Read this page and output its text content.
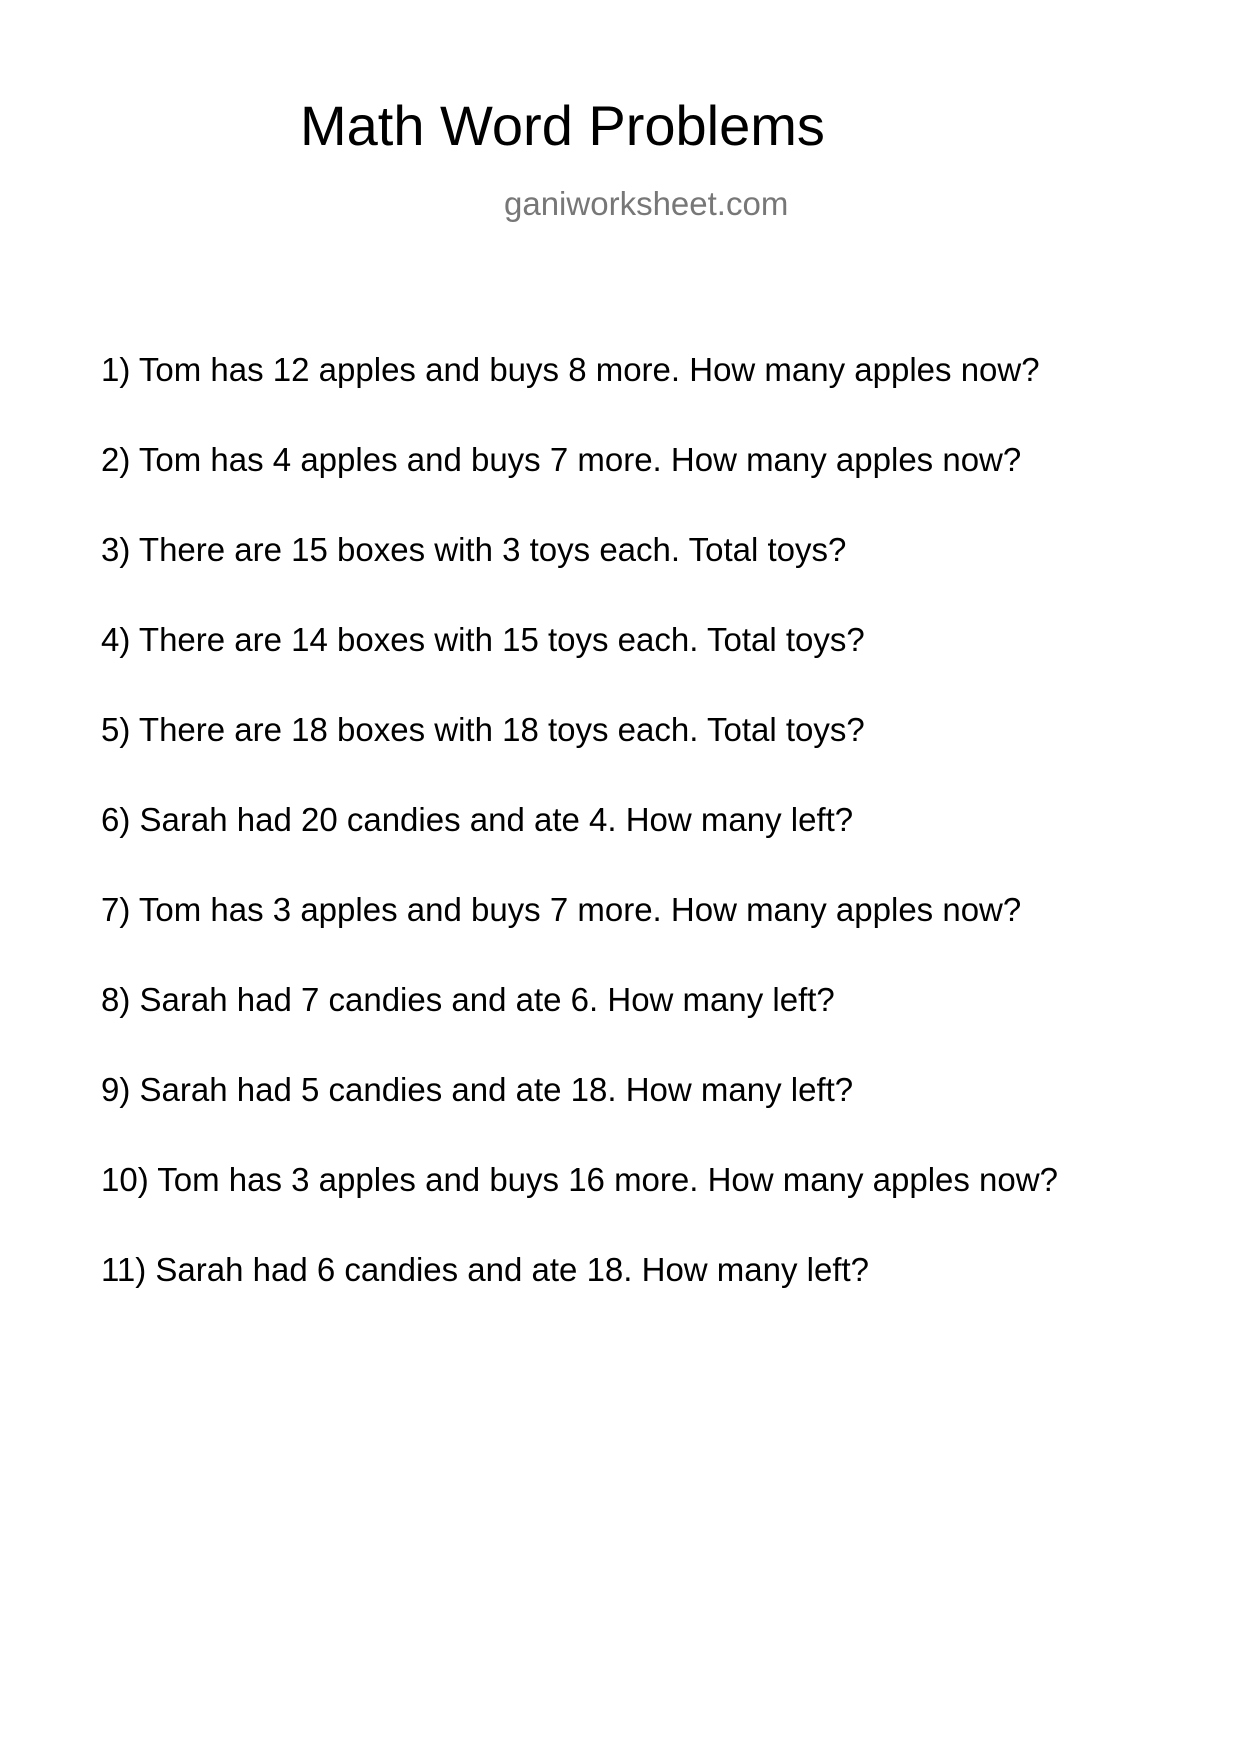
Math Word Problems
ganiworksheet.com
1) Tom has 12 apples and buys 8 more. How many apples now?
2) Tom has 4 apples and buys 7 more. How many apples now?
3) There are 15 boxes with 3 toys each. Total toys?
4) There are 14 boxes with 15 toys each. Total toys?
5) There are 18 boxes with 18 toys each. Total toys?
6) Sarah had 20 candies and ate 4. How many left?
7) Tom has 3 apples and buys 7 more. How many apples now?
8) Sarah had 7 candies and ate 6. How many left?
9) Sarah had 5 candies and ate 18. How many left?
10) Tom has 3 apples and buys 16 more. How many apples now?
11) Sarah had 6 candies and ate 18. How many left?
